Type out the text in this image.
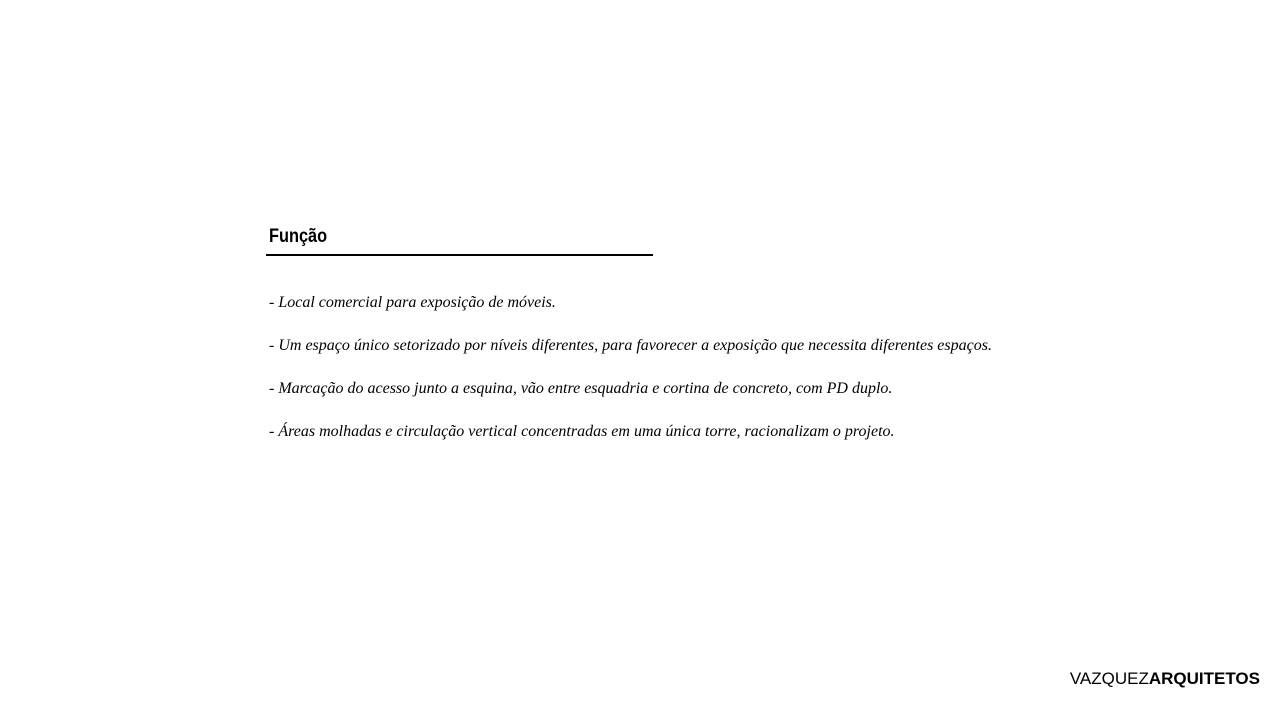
Função

- Local comercial para exposição de móveis.

- Um espaço único setorizado por níveis diferentes, para favorecer a exposição que necessita diferentes espaços.

- Marcação do acesso junto a esquina, vão entre esquadria e cortina de concreto, com PD duplo.

- Áreas molhadas e circulação vertical concentradas em uma única torre, racionalizam o projeto.

VAZQUEZARQUITETOS
